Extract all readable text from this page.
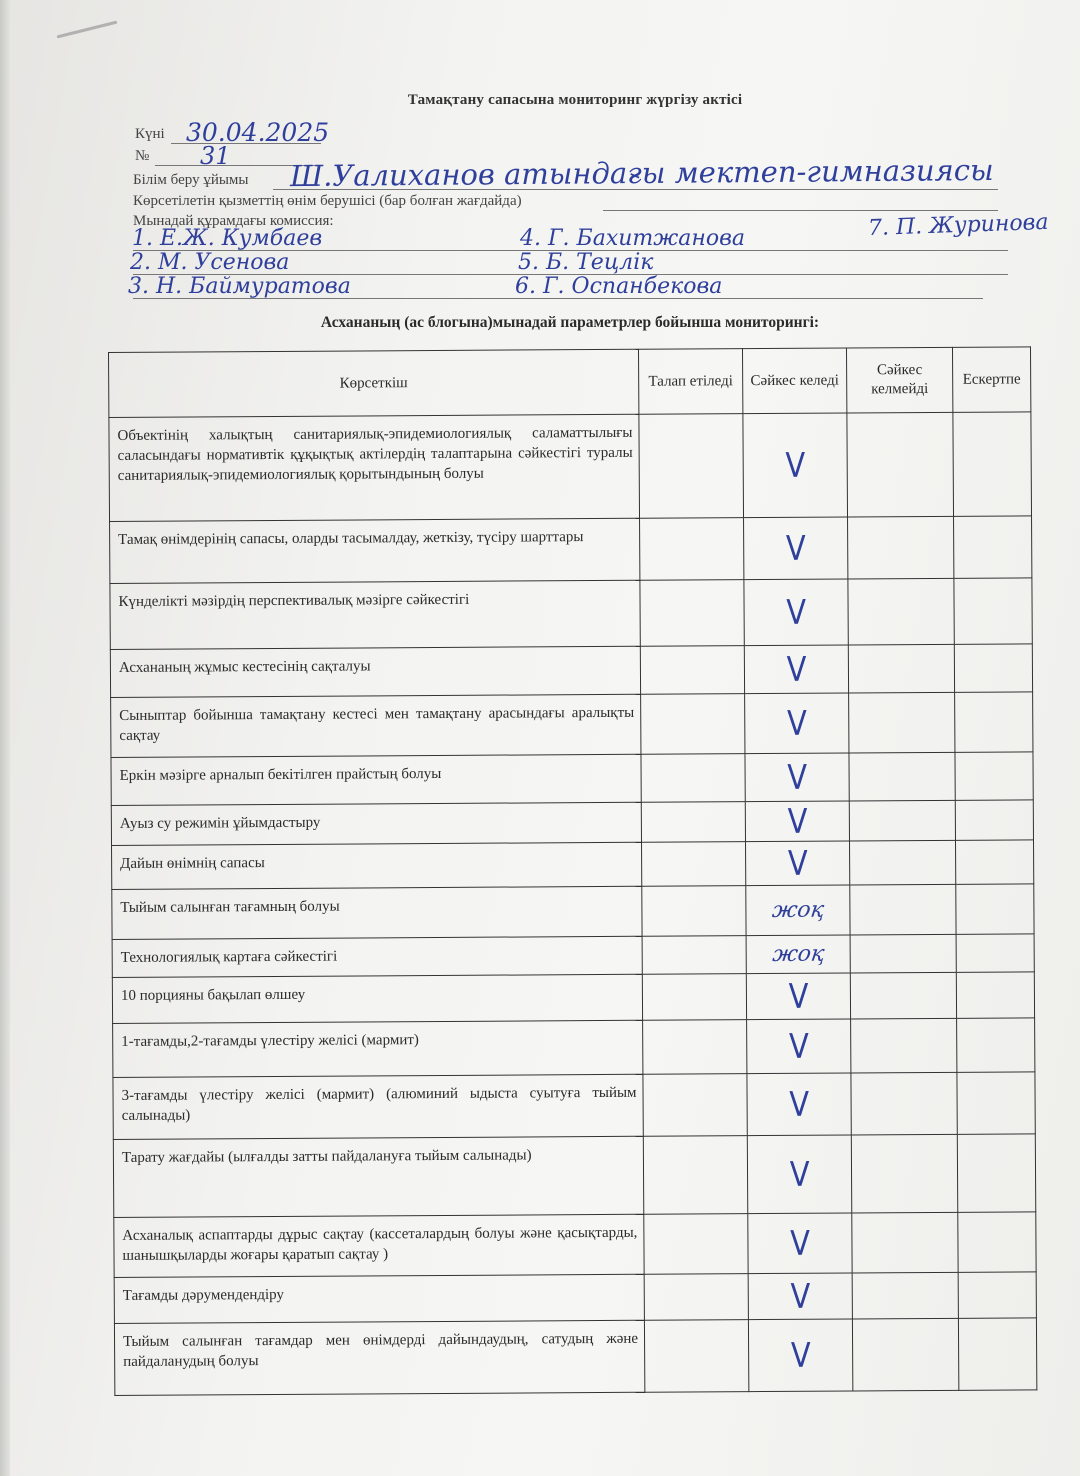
Тамақтану сапасына мониторинг жүргізу актісі
Күні 30.04.2025
№ 31
Білім беру ұйымы Ш.Уалиханов атындағы мектеп-гимназиясы
Көрсетілетін қызметтің өнім берушісі (бар болған жағдайда)
Мынадай құрамдағы комиссия:
1. Е.Ж. Кумбаев
2. М. Усенова
3. Н. Баймуратова
4. Г. Бахитжанова
5. Б. Тецлік
6. Г. Оспанбекова
7. П. Журинова
Асхананың (ас блогына)мынадай параметрлер бойынша мониторингі:
Көрсеткіш	Талап етіледі	Сәйкес келеді	Сәйкес келмейді	Ескертпе
Объектінің халықтың санитариялық-эпидемиологиялық саламаттылығы саласындағы нормативтік құқықтық актілердің талаптарына сәйкестігі туралы санитариялық-эпидемиологиялық қорытындының болуы		V		
Тамақ өнімдерінің сапасы, оларды тасымалдау, жеткізу, түсіру шарттары		V		
Күнделікті мәзірдің перспективалық мәзірге сәйкестігі		V		
Асхананың жұмыс кестесінің сақталуы		V		
Сыныптар бойынша тамақтану кестесі мен тамақтану арасындағы аралықты сақтау		V		
Еркін мәзірге арналып бекітілген прайстың болуы		V		
Ауыз су режимін ұйымдастыру		V		
Дайын өнімнің сапасы		V		
Тыйым салынған тағамның болуы		жоқ		
Технологиялық картаға сәйкестігі		жоқ		
10 порцияны бақылап өлшеу		V		
1-тағамды,2-тағамды үлестіру желісі (мармит)		V		
3-тағамды үлестіру желісі (мармит) (алюминий ыдыста суытуға тыйым салынады)		V		
Тарату жағдайы (ылғалды затты пайдалануға тыйым салынады)		V		
Асханалық аспаптарды дұрыс сақтау (кассеталардың болуы және қасықтарды, шанышқыларды жоғары қаратып сақтау )		V		
Тағамды дәрумендендіру		V		
Тыйым салынған тағамдар мен өнімдерді дайындаудың, сатудың және пайдаланудың болуы		V		
